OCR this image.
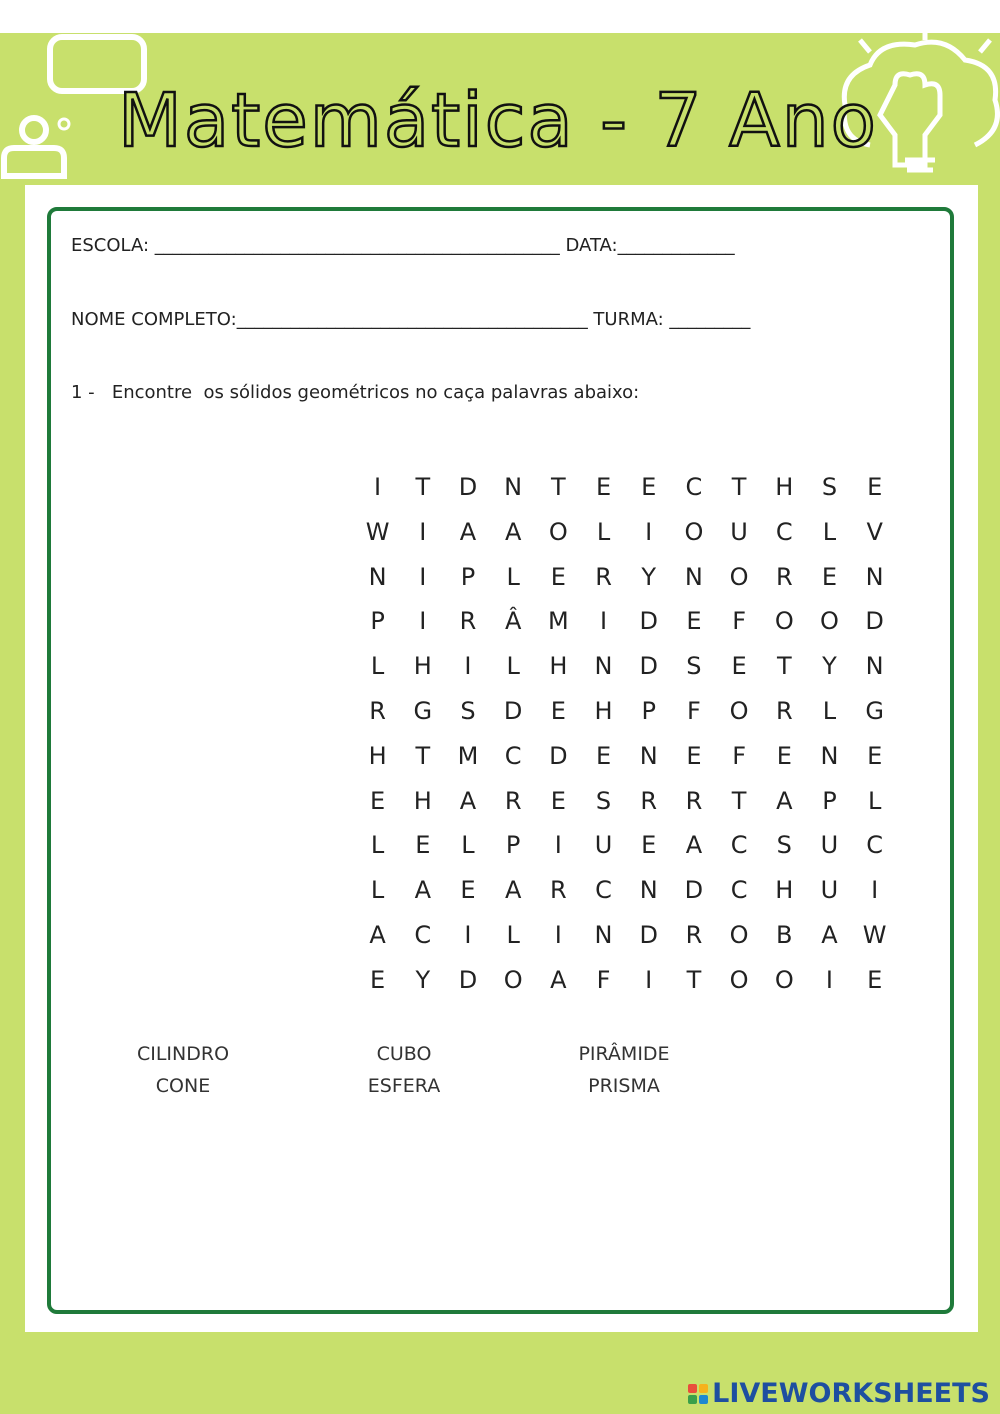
Matemática - 7 Ano
ESCOLA: _____________________________________________ DATA:_____________
NOME COMPLETO:_______________________________________ TURMA: _________
1 -   Encontre  os sólidos geométricos no caça palavras abaixo:
I	T	D	N	T	E	E	C	T	H	S	E
W	I	A	A	O	L	I	O	U	C	L	V
N	I	P	L	E	R	Y	N	O	R	E	N
P	I	R	Â	M	I	D	E	F	O	O	D
L	H	I	L	H	N	D	S	E	T	Y	N
R	G	S	D	E	H	P	F	O	R	L	G
H	T	M	C	D	E	N	E	F	E	N	E
E	H	A	R	E	S	R	R	T	A	P	L
L	E	L	P	I	U	E	A	C	S	U	C
L	A	E	A	R	C	N	D	C	H	U	I
A	C	I	L	I	N	D	R	O	B	A	W
E	Y	D	O	A	F	I	T	O	O	I	E
CILINDRO
CONE
CUBO
ESFERA
PIRÂMIDE
PRISMA
LIVEWORKSHEETS
